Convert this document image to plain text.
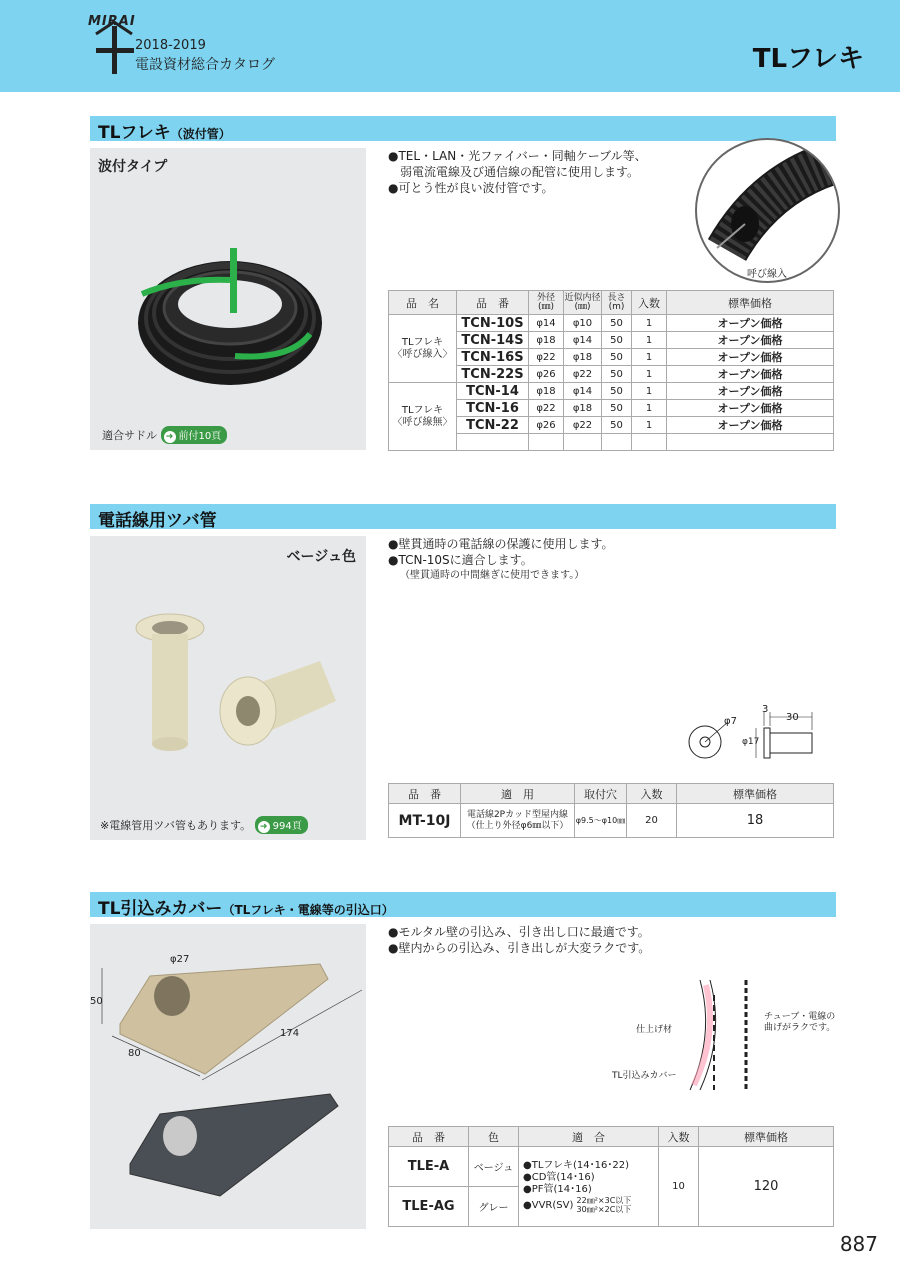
MIRAI
2018-2019
電設資材総合カタログ	TLフレキ
TLフレキ（波付管）
波付タイプ
適合サドル ➜ 前付10頁
●TEL・LAN・光ファイバー・同軸ケーブル等、
　弱電流電線及び通信線の配管に使用します。
●可とう性が良い波付管です。
呼び線入
品　名	品　番	外径
(㎜)	近似内径
(㎜)	長さ
(m)	入数	標準価格
TLフレキ
〈呼び線入〉	TCN-10S	φ14	φ10	50	1	オープン価格
	TCN-14S	φ18	φ14	50	1	オープン価格
	TCN-16S	φ22	φ18	50	1	オープン価格
	TCN-22S	φ26	φ22	50	1	オープン価格
TLフレキ
〈呼び線無〉	TCN-14	φ18	φ14	50	1	オープン価格
	TCN-16	φ22	φ18	50	1	オープン価格
	TCN-22	φ26	φ22	50	1	オープン価格

電話線用ツバ管
ベージュ色
※電線管用ツバ管もあります。 ➜ 994頁
●壁貫通時の電話線の保護に使用します。
●TCN-10Sに適合します。
（壁貫通時の中間継ぎに使用できます。）
φ7
3
30
φ17
品　番	適　用	取付穴	入数	標準価格
MT-10J	電話線2Pカッド型屋内線
（仕上り外径φ6㎜以下）	φ9.5～φ10㎜	20	18
TL引込みカバー（TLフレキ・電線等の引込口）
φ27
50
80
174
●モルタル壁の引込み、引き出し口に最適です。
●壁内からの引込み、引き出しが大変ラクです。
仕上げ材
TL引込みカバー
チューブ・電線の
曲げがラクです。
品　番	色	適　合	入数	標準価格
TLE-A	ベージュ	●TLフレキ(14･16･22)
●CD管(14･16)
●PF管(14･16)
●VVR(SV) 22㎜²×3C以下
30㎜²×2C以下	10	120
TLE-AG	グレー			
887
